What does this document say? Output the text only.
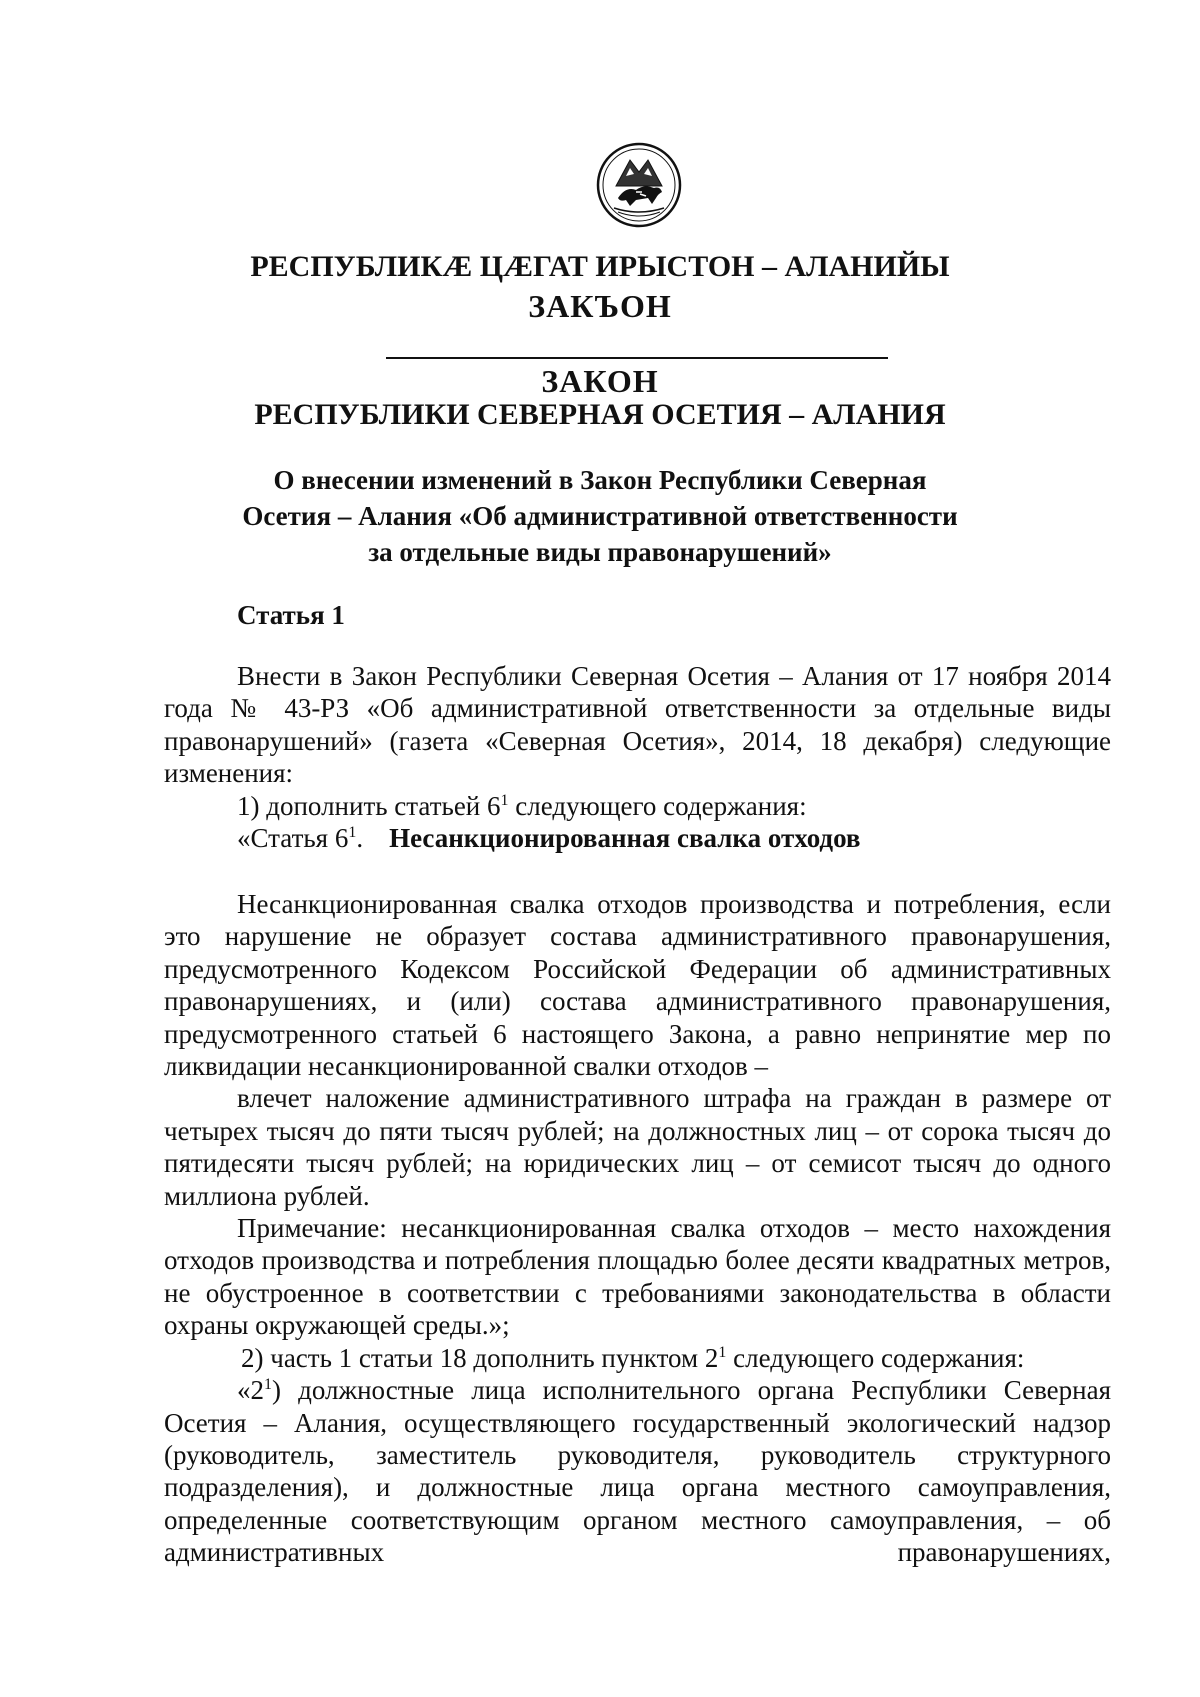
РЕСПУБЛИКÆ ЦÆГАТ ИРЫСТОН – АЛАНИЙЫ
ЗАКЪОН
ЗАКОН
РЕСПУБЛИКИ СЕВЕРНАЯ ОСЕТИЯ – АЛАНИЯ
О внесении изменений в Закон Республики Северная
Осетия – Алания «Об административной ответственности
за отдельные виды правонарушений»
Статья 1

Внести в Закон Республики Северная Осетия – Алания от 17 ноября 2014 года № 43-РЗ «Об административной ответственности за отдельные виды правонарушений» (газета «Северная Осетия», 2014, 18 декабря) следующие изменения:

1) дополнить статьей $6^1$ следующего содержания:

«Статья $6^1$. Несанкционированная свалка отходов

Несанкционированная свалка отходов производства и потребления, если это нарушение не образует состава административного правонарушения, предусмотренного Кодексом Российской Федерации об административных правонарушениях, и (или) состава административного правонарушения, предусмотренного статьей 6 настоящего Закона, а равно непринятие мер по ликвидации несанкционированной свалки отходов –

влечет наложение административного штрафа на граждан в размере от четырех тысяч до пяти тысяч рублей; на должностных лиц – от сорока тысяч до пятидесяти тысяч рублей; на юридических лиц – от семисот тысяч до одного миллиона рублей.

Примечание: несанкционированная свалка отходов – место нахождения отходов производства и потребления площадью более десяти квадратных метров, не обустроенное в соответствии с требованиями законодательства в области охраны окружающей среды.»;

2) часть 1 статьи 18 дополнить пунктом $2^1$ следующего содержания:

«$2^1$) должностные лица исполнительного органа Республики Северная Осетия – Алания, осуществляющего государственный экологический надзор (руководитель, заместитель руководителя, руководитель структурного подразделения), и должностные лица органа местного самоуправления, определенные соответствующим органом местного самоуправления, – об административных правонарушениях,
